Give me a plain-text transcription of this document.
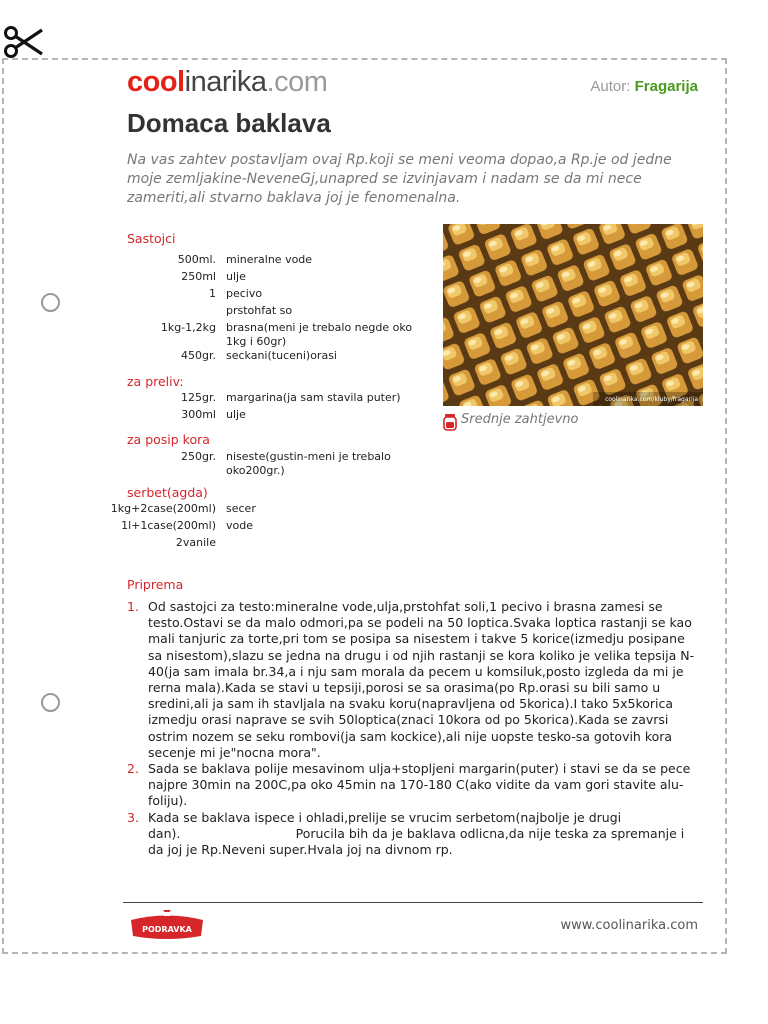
coolinarika.com	Autor: Fragarija
Domaca baklava

Na vas zahtev postavljam ovaj Rp.koji se meni veoma dopao,a Rp.je od jedne moje zemljakine-NeveneGj,unapred se izvinjavam i nadam se da mi nece zameriti,ali stvarno baklava joj je fenomenalna.

Sastojci
500ml. mineralne vode
250ml ulje
1 pecivo
prstohfat so
1kg-1,2kg brasna(meni je trebalo negde oko 1kg i 60gr)
450gr. seckani(tuceni)orasi
za preliv:
125gr. margarina(ja sam stavila puter)
300ml ulje
za posip kora
250gr. niseste(gustin-meni je trebalo oko200gr.)
serbet(agda)
1kg+2case(200ml) secer
1l+1case(200ml) vode
2vanile
coolinarika.com/kluby/fragarija
Srednje zahtjevno
Priprema
1. Od sastojci za testo:mineralne vode,ulja,prstohfat soli,1 pecivo i brasna zamesi se testo.Ostavi se da malo odmori,pa se podeli na 50 loptica.Svaka loptica rastanji se kao mali tanjuric za torte,pri tom se posipa sa nisestem i takve 5 korice(izmedju posipane sa nisestom),slazu se jedna na drugu i od njih rastanji se kora koliko je velika tepsija N-40(ja sam imala br.34,a i nju sam morala da pecem u komsiluk,posto izgleda da mi je rerna mala).Kada se stavi u tepsiji,porosi se sa orasima(po Rp.orasi su bili samo u sredini,ali ja sam ih stavljala na svaku koru(napravljena od 5korica).I tako 5x5korica izmedju orasi naprave se svih 50loptica(znaci 10kora od po 5korica).Kada se zavrsi ostrim nozem se seku rombovi(ja sam kockice),ali nije uopste tesko-sa gotovih kora secenje mi je"nocna mora".
2. Sada se baklava polije mesavinom ulja+stopljeni margarin(puter) i stavi se da se pece najpre 30min na 200C,pa oko 45min na 170-180 C(ako vidite da vam gori stavite alu-foliju).
3. Kada se baklava ispece i ohladi,prelije se vrucim serbetom(najbolje je drugi dan).                             Porucila bih da je baklava odlicna,da nije teska za spremanje i da joj je Rp.Neveni super.Hvala joj na divnom rp.
PODRAVKA	www.coolinarika.com
